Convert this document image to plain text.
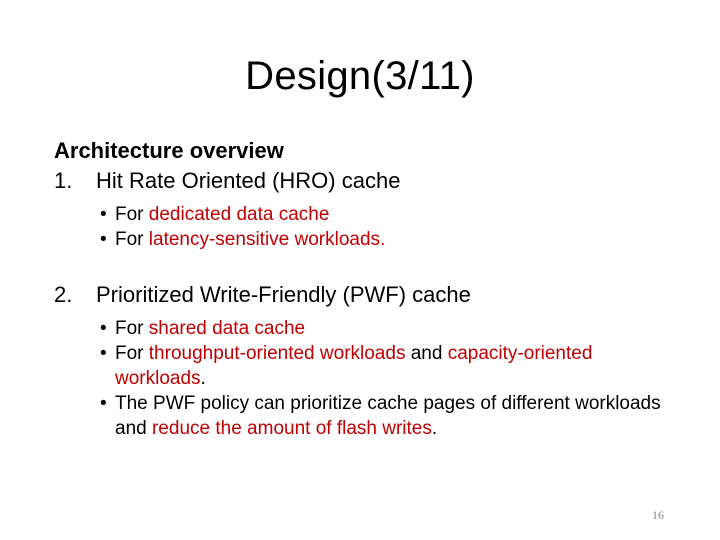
Design(3/11)
Architecture overview
1. Hit Rate Oriented (HRO) cache
• For dedicated data cache
• For latency-sensitive workloads.
2. Prioritized Write-Friendly (PWF) cache
• For shared data cache
• For throughput-oriented workloads and capacity-oriented workloads.
• The PWF policy can prioritize cache pages of different workloads and reduce the amount of flash writes.
16
